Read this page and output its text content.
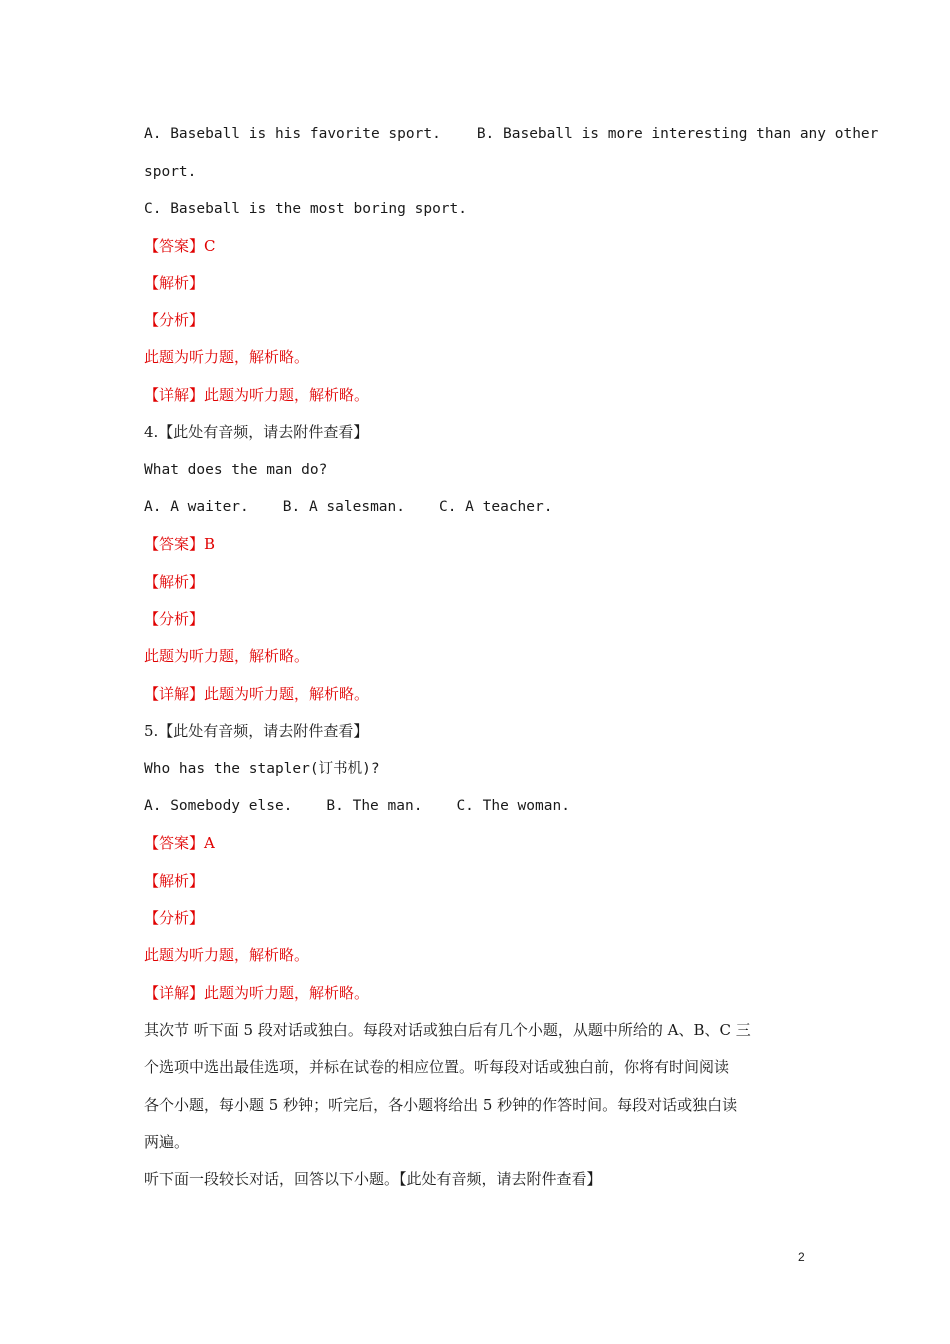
A. Baseball is his favorite sport. B. Baseball is more interesting than any other
sport.
C. Baseball is the most boring sport.
【答案】C
【解析】
【分析】
此题为听力题，解析略。
【详解】此题为听力题，解析略。
4.【此处有音频，请去附件查看】
What does the man do?
A. A waiter. B. A salesman. C. A teacher.
【答案】B
【解析】
【分析】
此题为听力题，解析略。
【详解】此题为听力题，解析略。
5.【此处有音频，请去附件查看】
Who has the stapler(订书机)?
A. Somebody else. B. The man. C. The woman.
【答案】A
【解析】
【分析】
此题为听力题，解析略。
【详解】此题为听力题，解析略。
其次节 听下面 5 段对话或独白。每段对话或独白后有几个小题，从题中所给的 A、B、C 三
个选项中选出最佳选项，并标在试卷的相应位置。听每段对话或独白前，你将有时间阅读
各个小题，每小题 5 秒钟；听完后，各小题将给出 5 秒钟的作答时间。每段对话或独白读
两遍。
听下面一段较长对话，回答以下小题。【此处有音频，请去附件查看】
2
